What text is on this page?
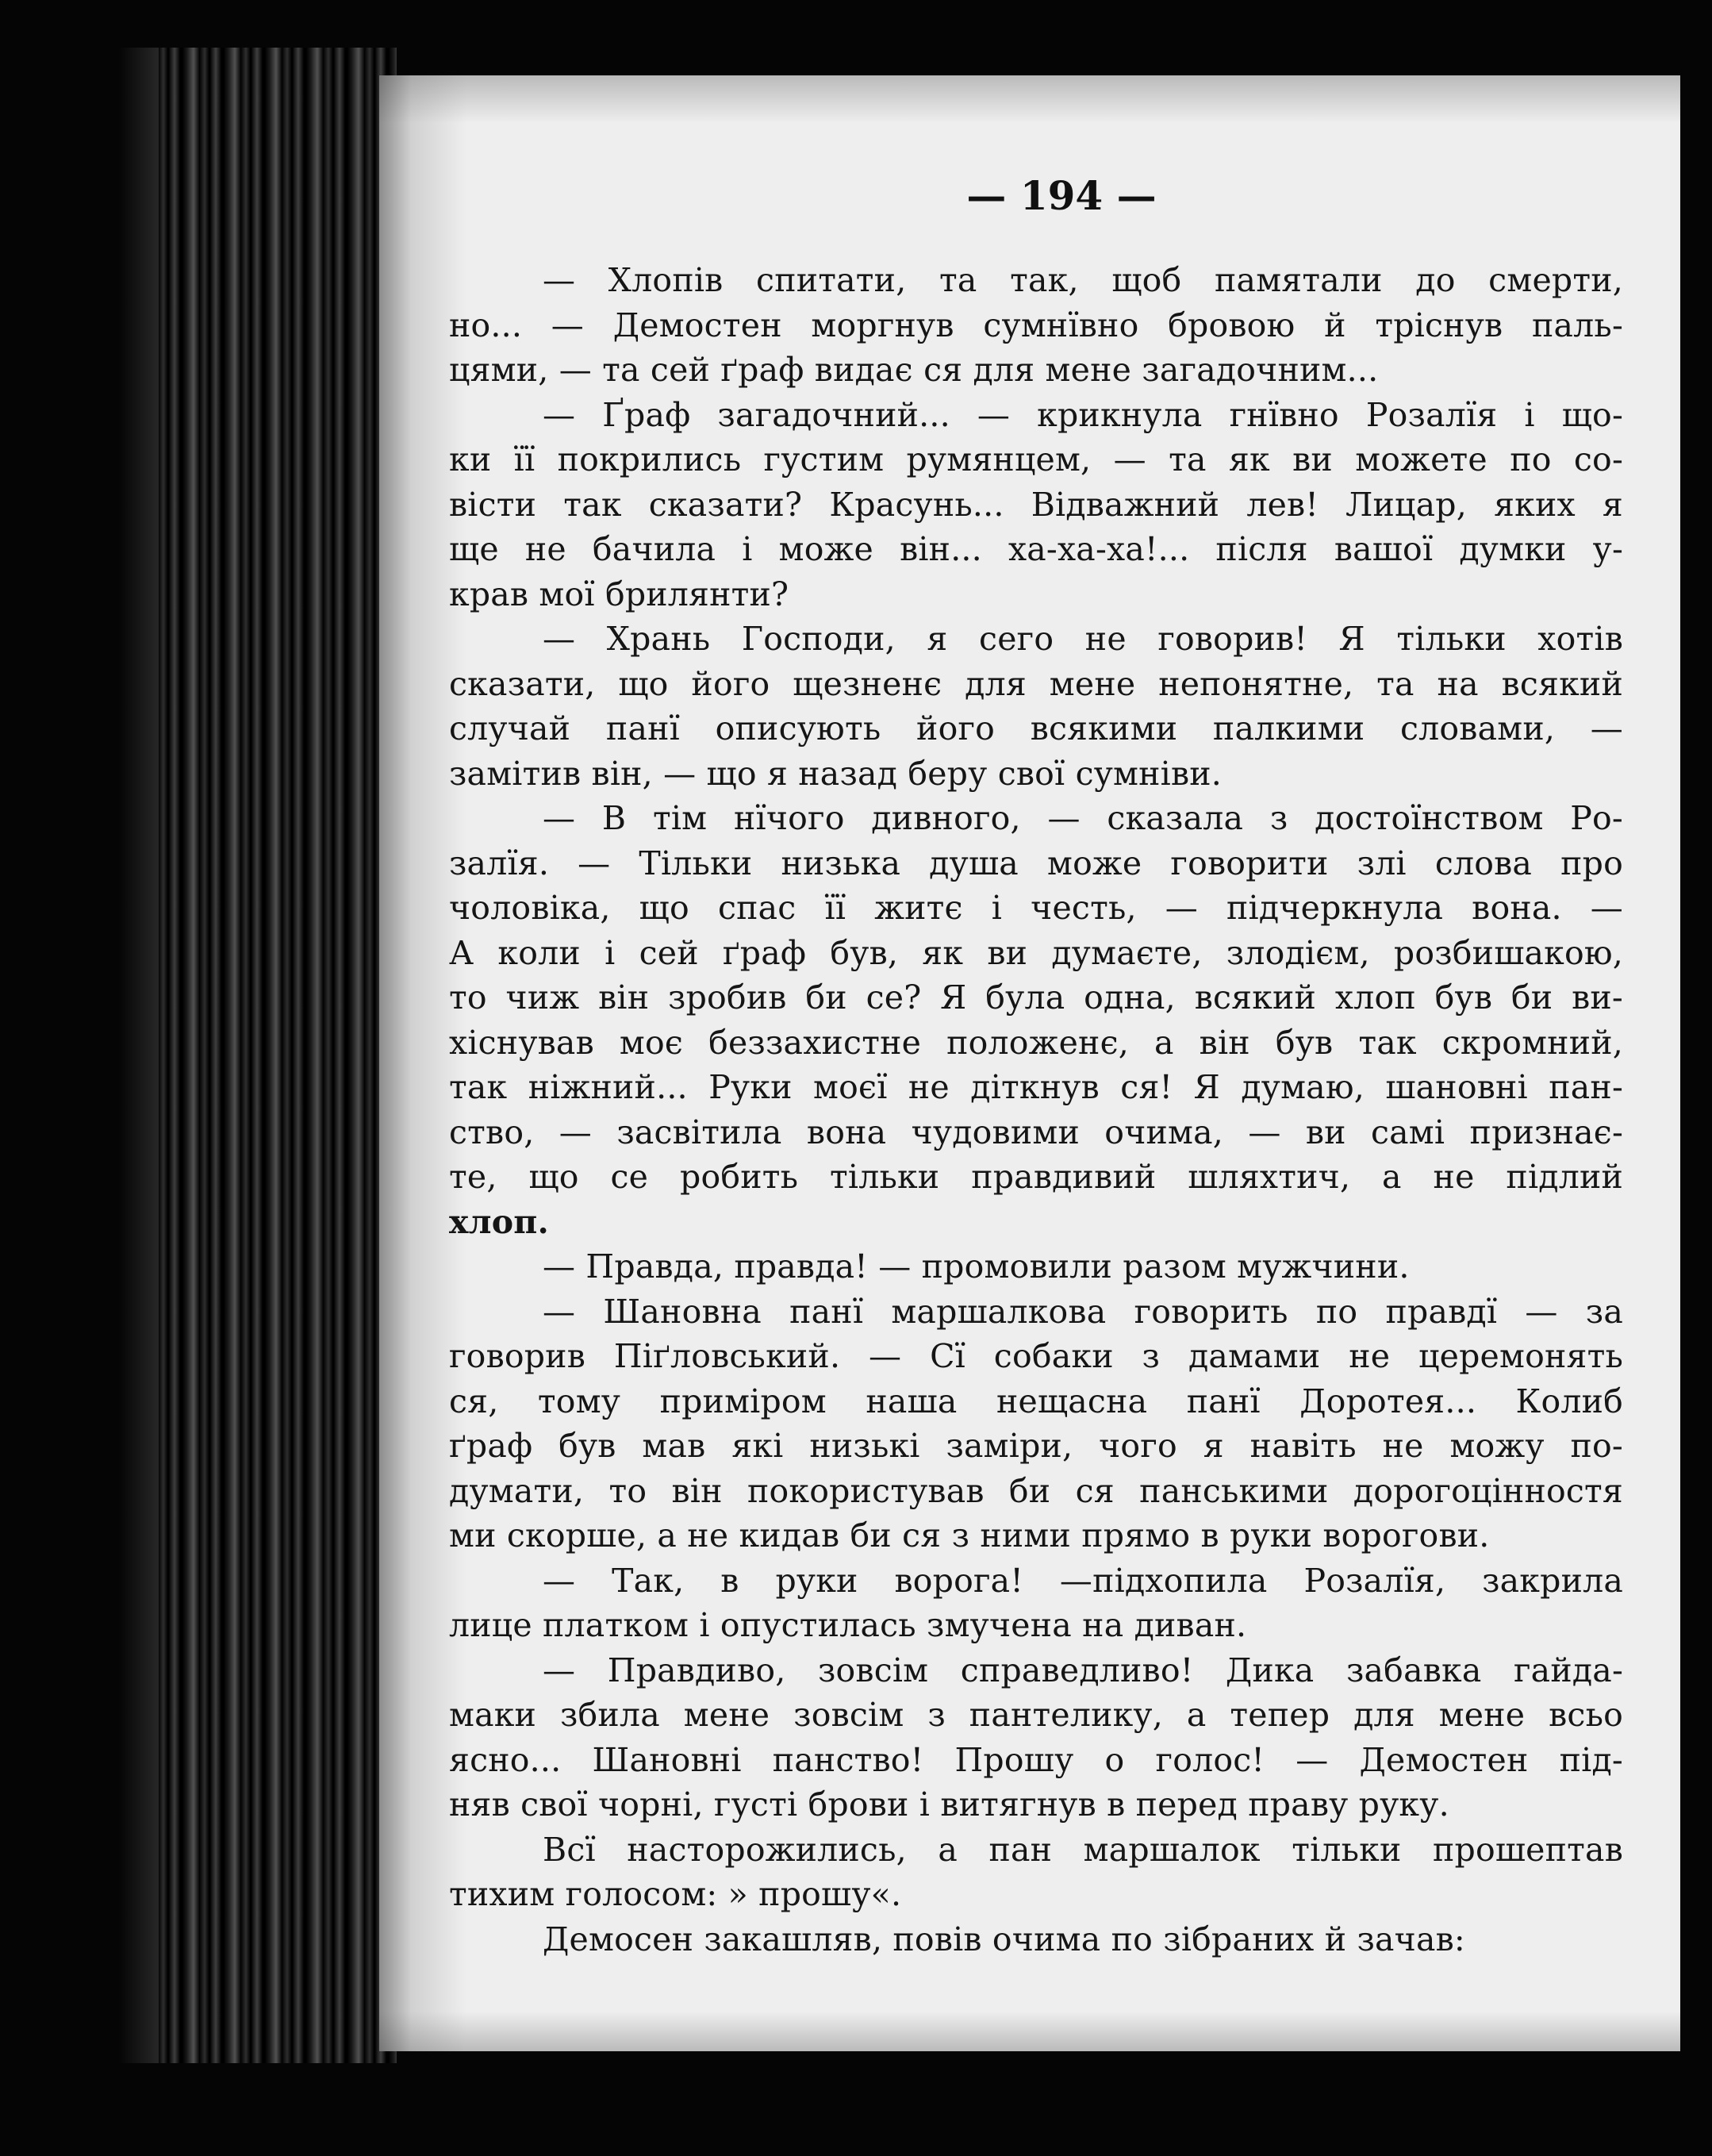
— 194 —
— Хлопів спитати, та так, щоб памятали до смерти,
но... — Демостен моргнув сумнївно бровою й тріснув паль-
цями, — та сей ґраф видає ся для мене загадочним...
— Ґраф загадочний... — крикнула гнївно Розалїя і що-
ки її покрились густим румянцем, — та як ви можете по со-
вісти так сказати? Красунь... Відважний лев! Лицар, яких я
ще не бачила і може він... ха-ха-ха!... після вашої думки у-
крав мої брилянти?
— Хрань Господи, я сего не говорив! Я тільки хотів
сказати, що його щезненє для мене непонятне, та на всякий
случай панї описують його всякими палкими словами, —
замітив він, — що я назад беру свої сумніви.
— В тім нїчого дивного, — сказала з достоїнством Ро-
залїя. — Тільки низька душа може говорити злі слова про
чоловіка, що спас її житє і честь, — підчеркнула вона. —
А коли і сей ґраф був, як ви думаєте, злодієм, розбишакою,
то чиж він зробив би се? Я була одна, всякий хлоп був би ви-
хіснував моє беззахистне положенє, а він був так скромний,
так ніжний... Руки моєї не діткнув ся! Я думаю, шановні пан-
ство, — засвітила вона чудовими очима, — ви самі признає-
те, що се робить тільки правдивий шляхтич, а не підлий
хлоп.
— Правда, правда! — промовили разом мужчини.
— Шановна панї маршалкова говорить по правдї — за
говорив Піґловський. — Сї собаки з дамами не церемонять
ся, тому приміром наша нещасна панї Доротея... Колиб
ґраф був мав які низькі заміри, чого я навіть не можу по-
думати, то він покористував би ся панськими дорогоцінностя
ми скорше, а не кидав би ся з ними прямо в руки ворогови.
— Так, в руки ворога! —підхопила Розалїя, закрила
лице платком і опустилась змучена на диван.
— Правдиво, зовсім справедливо! Дика забавка гайда-
маки збила мене зовсім з пантелику, а тепер для мене всьо
ясно... Шановні панство! Прошу о голос! — Демостен під-
няв свої чорні, густі брови і витягнув в перед праву руку.
Всї насторожились, а пан маршалок тільки прошептав
тихим голосом: » прошу«.
Демосен закашляв, повів очима по зібраних й зачав:
